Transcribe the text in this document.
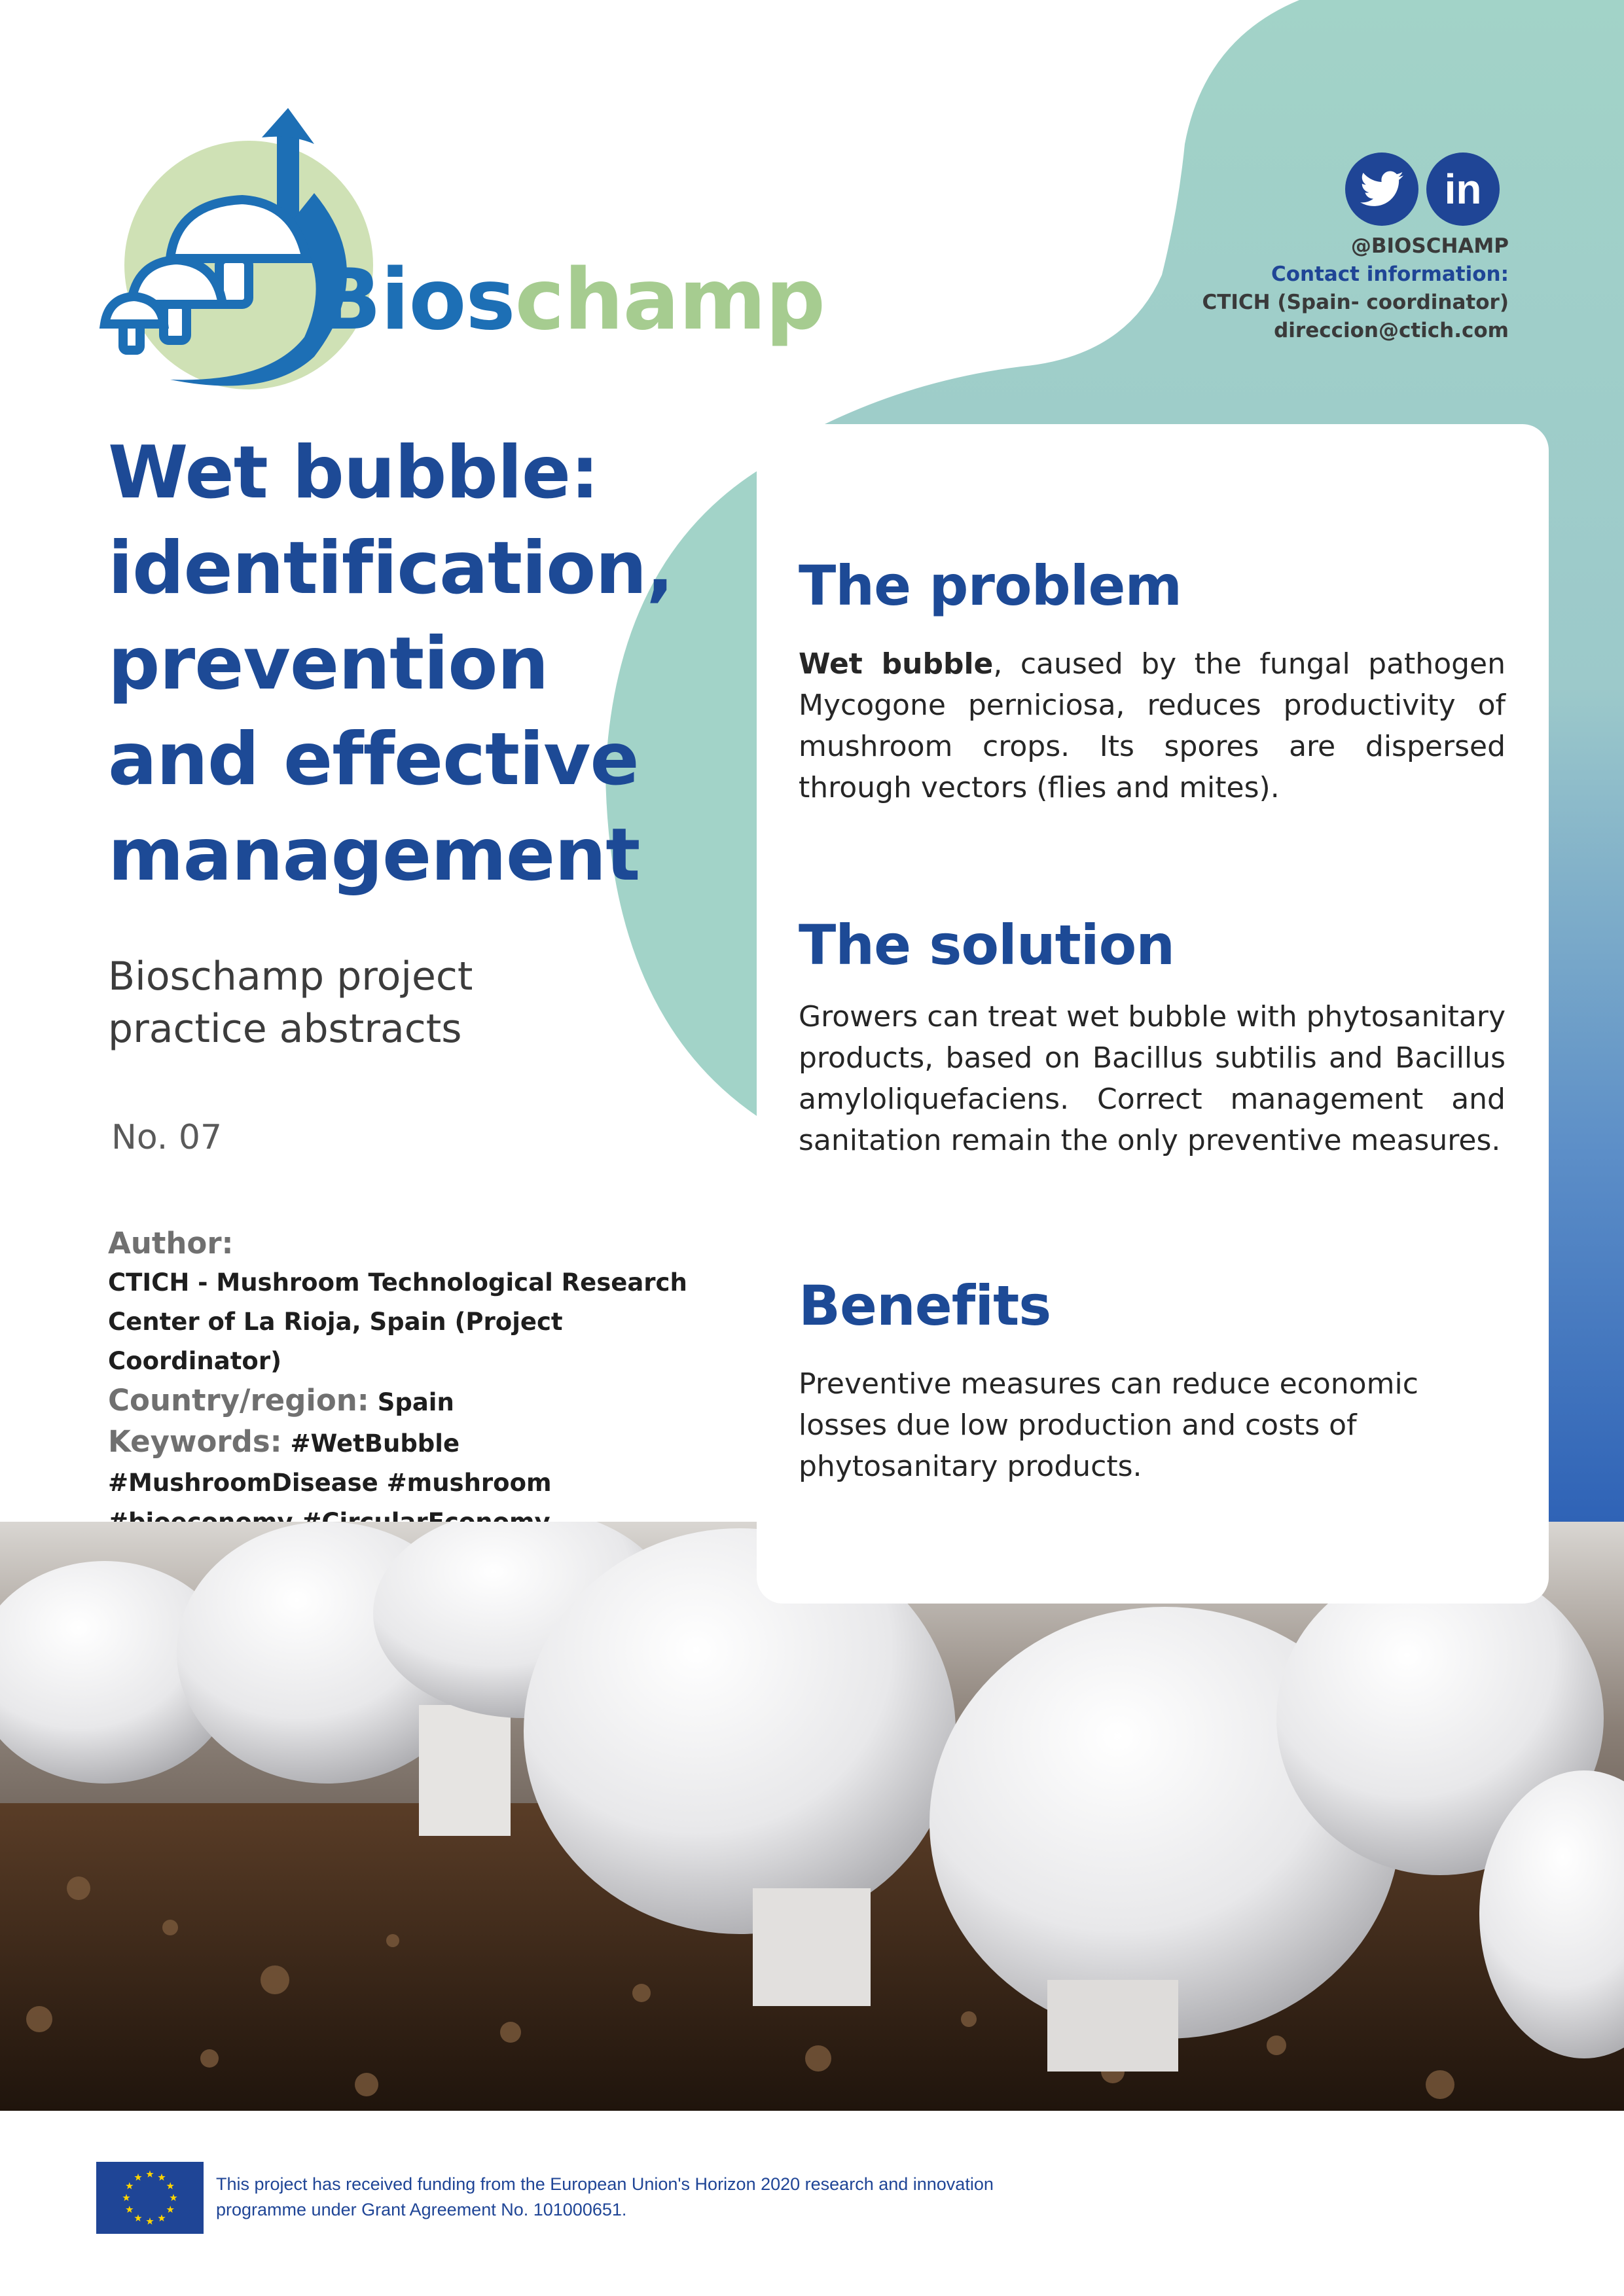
Bioschamp
in
@BIOSCHAMP
Contact information:
CTICH (Spain- coordinator)
direccion@ctich.com
Wet bubble:
identification,
prevention
and effective
management
Bioschamp project
practice abstracts
No. 07
Author:
CTICH - Mushroom Technological Research Center of La Rioja, Spain (Project Coordinator)
Country/region: Spain
Keywords: #WetBubble #MushroomDisease #mushroom
The problem

Wet bubble, caused by the fungal pathogen Mycogone perniciosa, reduces productivity of mushroom crops. Its spores are dispersed through vectors (flies and mites).

The solution

Growers can treat wet bubble with phytosanitary products, based on Bacillus subtilis and Bacillus amyloliquefaciens. Correct management and sanitation remain the only preventive measures.

Benefits

Preventive measures can reduce economic losses due low production and costs of phytosanitary products.

This project has received funding from the European Union's Horizon 2020 research and innovation programme under Grant Agreement No. 101000651.
